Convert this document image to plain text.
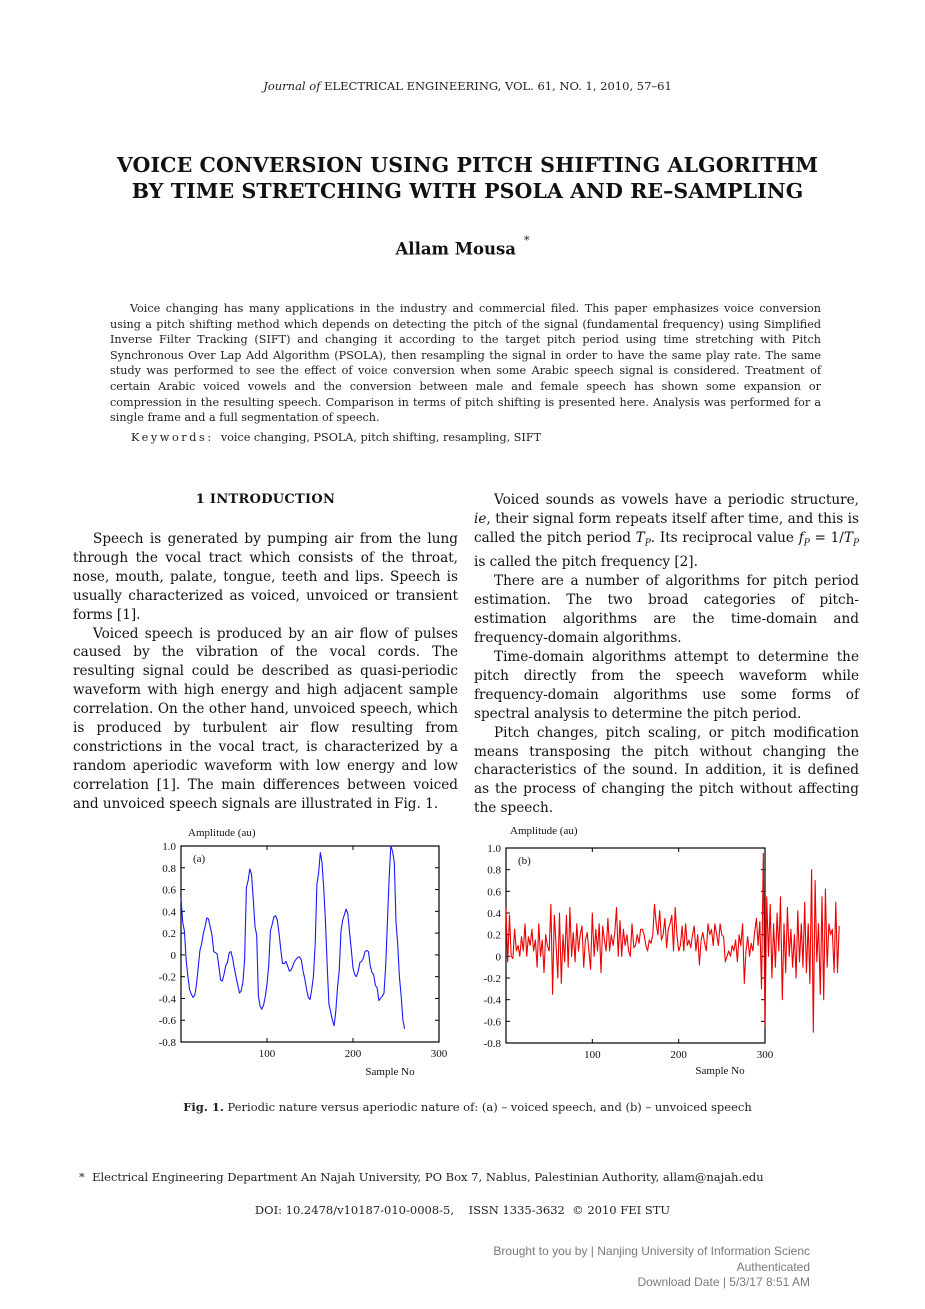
Journal of ELECTRICAL ENGINEERING, VOL. 61, NO. 1, 2010, 57–61
VOICE CONVERSION USING PITCH SHIFTING ALGORITHM
BY TIME STRETCHING WITH PSOLA AND RE–SAMPLING
Allam Mousa *
Voice changing has many applications in the industry and commercial filed. This paper emphasizes voice conversion using a pitch shifting method which depends on detecting the pitch of the signal (fundamental frequency) using Simplified Inverse Filter Tracking (SIFT) and changing it according to the target pitch period using time stretching with Pitch Synchronous Over Lap Add Algorithm (PSOLA), then resampling the signal in order to have the same play rate. The same study was performed to see the effect of voice conversion when some Arabic speech signal is considered. Treatment of certain Arabic voiced vowels and the conversion between male and female speech has shown some expansion or compression in the resulting speech. Comparison in terms of pitch shifting is presented here. Analysis was performed for a single frame and a full segmentation of speech.
Keywords: voice changing, PSOLA, pitch shifting, resampling, SIFT
1 INTRODUCTION

Speech is generated by pumping air from the lung through the vocal tract which consists of the throat, nose, mouth, palate, tongue, teeth and lips. Speech is usually characterized as voiced, unvoiced or transient forms [1].

Voiced speech is produced by an air flow of pulses caused by the vibration of the vocal cords. The resulting signal could be described as quasi-periodic waveform with high energy and high adjacent sample correlation. On the other hand, unvoiced speech, which is produced by turbulent air flow resulting from constrictions in the vocal tract, is characterized by a random aperiodic waveform with low energy and low correlation [1]. The main differences between voiced and unvoiced speech signals are illustrated in Fig. 1.

Voiced sounds as vowels have a periodic structure, ie, their signal form repeats itself after time, and this is called the pitch period $T_P$. Its reciprocal value $f_P = 1/T_P$ is called the pitch frequency [2].

There are a number of algorithms for pitch period estimation. The two broad categories of pitch-estimation algorithms are the time-domain and frequency-domain algorithms.

Time-domain algorithms attempt to determine the pitch directly from the speech waveform while frequency-domain algorithms use some forms of spectral analysis to determine the pitch period.

Pitch changes, pitch scaling, or pitch modification means transposing the pitch without changing the characteristics of the sound. In addition, it is defined as the process of changing the pitch without affecting the speech.

1.0
0.8
0.6
0.4
0.2
0
-0.2
-0.4
-0.6
-0.8
100	200	300
Amplitude (au)
Sample No
(a)
1.0
0.8
0.6
0.4
0.2
0
-0.2
-0.4
-0.6
-0.8
100	200	300
Amplitude (au)
Sample No
(b)
Fig. 1. Periodic nature versus aperiodic nature of: (a) – voiced speech, and (b) – unvoiced speech
* Electrical Engineering Department An Najah University, PO Box 7, Nablus, Palestinian Authority, allam@najah.edu
DOI: 10.2478/v10187-010-0008-5, ISSN 1335-3632 © 2010 FEI STU
Brought to you by | Nanjing University of Information Scienc
Authenticated
Download Date | 5/3/17 8:51 AM
